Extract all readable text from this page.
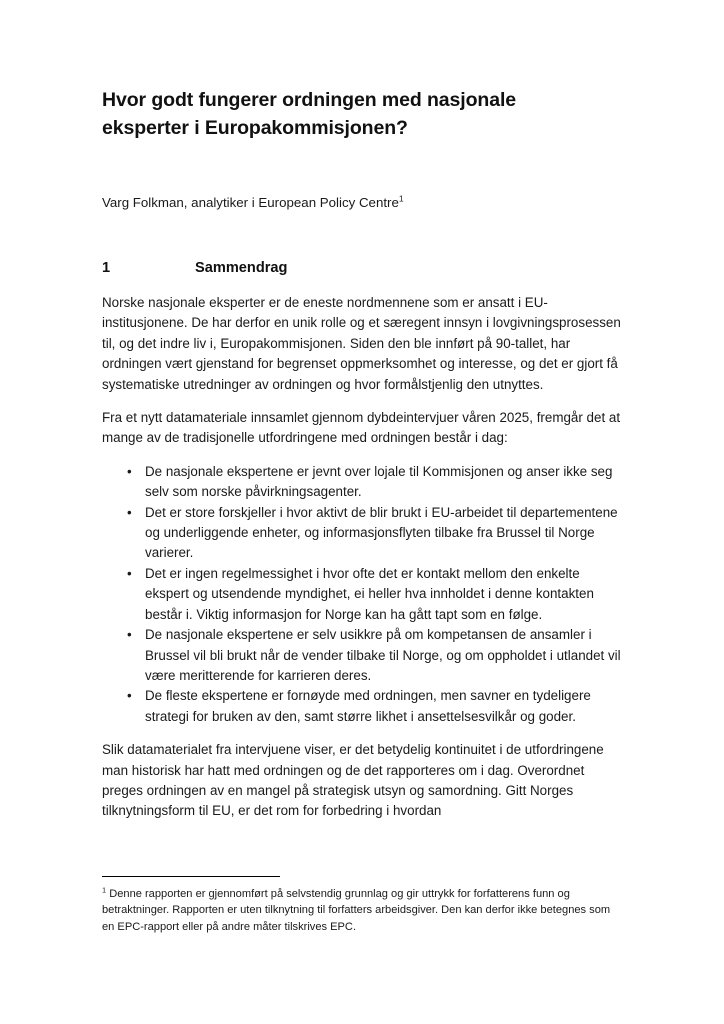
Hvor godt fungerer ordningen med nasjonale eksperter i Europakommisjonen?

Varg Folkman, analytiker i European Policy Centre$^1$

1	Sammendrag

Norske nasjonale eksperter er de eneste nordmennene som er ansatt i EU-institusjonene. De har derfor en unik rolle og et særegent innsyn i lovgivningsprosessen til, og det indre liv i, Europakommisjonen. Siden den ble innført på 90-tallet, har ordningen vært gjenstand for begrenset oppmerksomhet og interesse, og det er gjort få systematiske utredninger av ordningen og hvor formålstjenlig den utnyttes.

Fra et nytt datamateriale innsamlet gjennom dybdeintervjuer våren 2025, fremgår det at mange av de tradisjonelle utfordringene med ordningen består i dag:

• De nasjonale ekspertene er jevnt over lojale til Kommisjonen og anser ikke seg selv som norske påvirkningsagenter.
• Det er store forskjeller i hvor aktivt de blir brukt i EU-arbeidet til departementene og underliggende enheter, og informasjonsflyten tilbake fra Brussel til Norge varierer.
• Det er ingen regelmessighet i hvor ofte det er kontakt mellom den enkelte ekspert og utsendende myndighet, ei heller hva innholdet i denne kontakten består i. Viktig informasjon for Norge kan ha gått tapt som en følge.
• De nasjonale ekspertene er selv usikkre på om kompetansen de ansamler i Brussel vil bli brukt når de vender tilbake til Norge, og om oppholdet i utlandet vil være meritterende for karrieren deres.
• De fleste ekspertene er fornøyde med ordningen, men savner en tydeligere strategi for bruken av den, samt større likhet i ansettelsesvilkår og goder.

Slik datamaterialet fra intervjuene viser, er det betydelig kontinuitet i de utfordringene man historisk har hatt med ordningen og de det rapporteres om i dag. Overordnet preges ordningen av en mangel på strategisk utsyn og samordning. Gitt Norges tilknytningsform til EU, er det rom for forbedring i hvordan

$^1$ Denne rapporten er gjennomført på selvstendig grunnlag og gir uttrykk for forfatterens funn og betraktninger. Rapporten er uten tilknytning til forfatters arbeidsgiver. Den kan derfor ikke betegnes som en EPC-rapport eller på andre måter tilskrives EPC.
